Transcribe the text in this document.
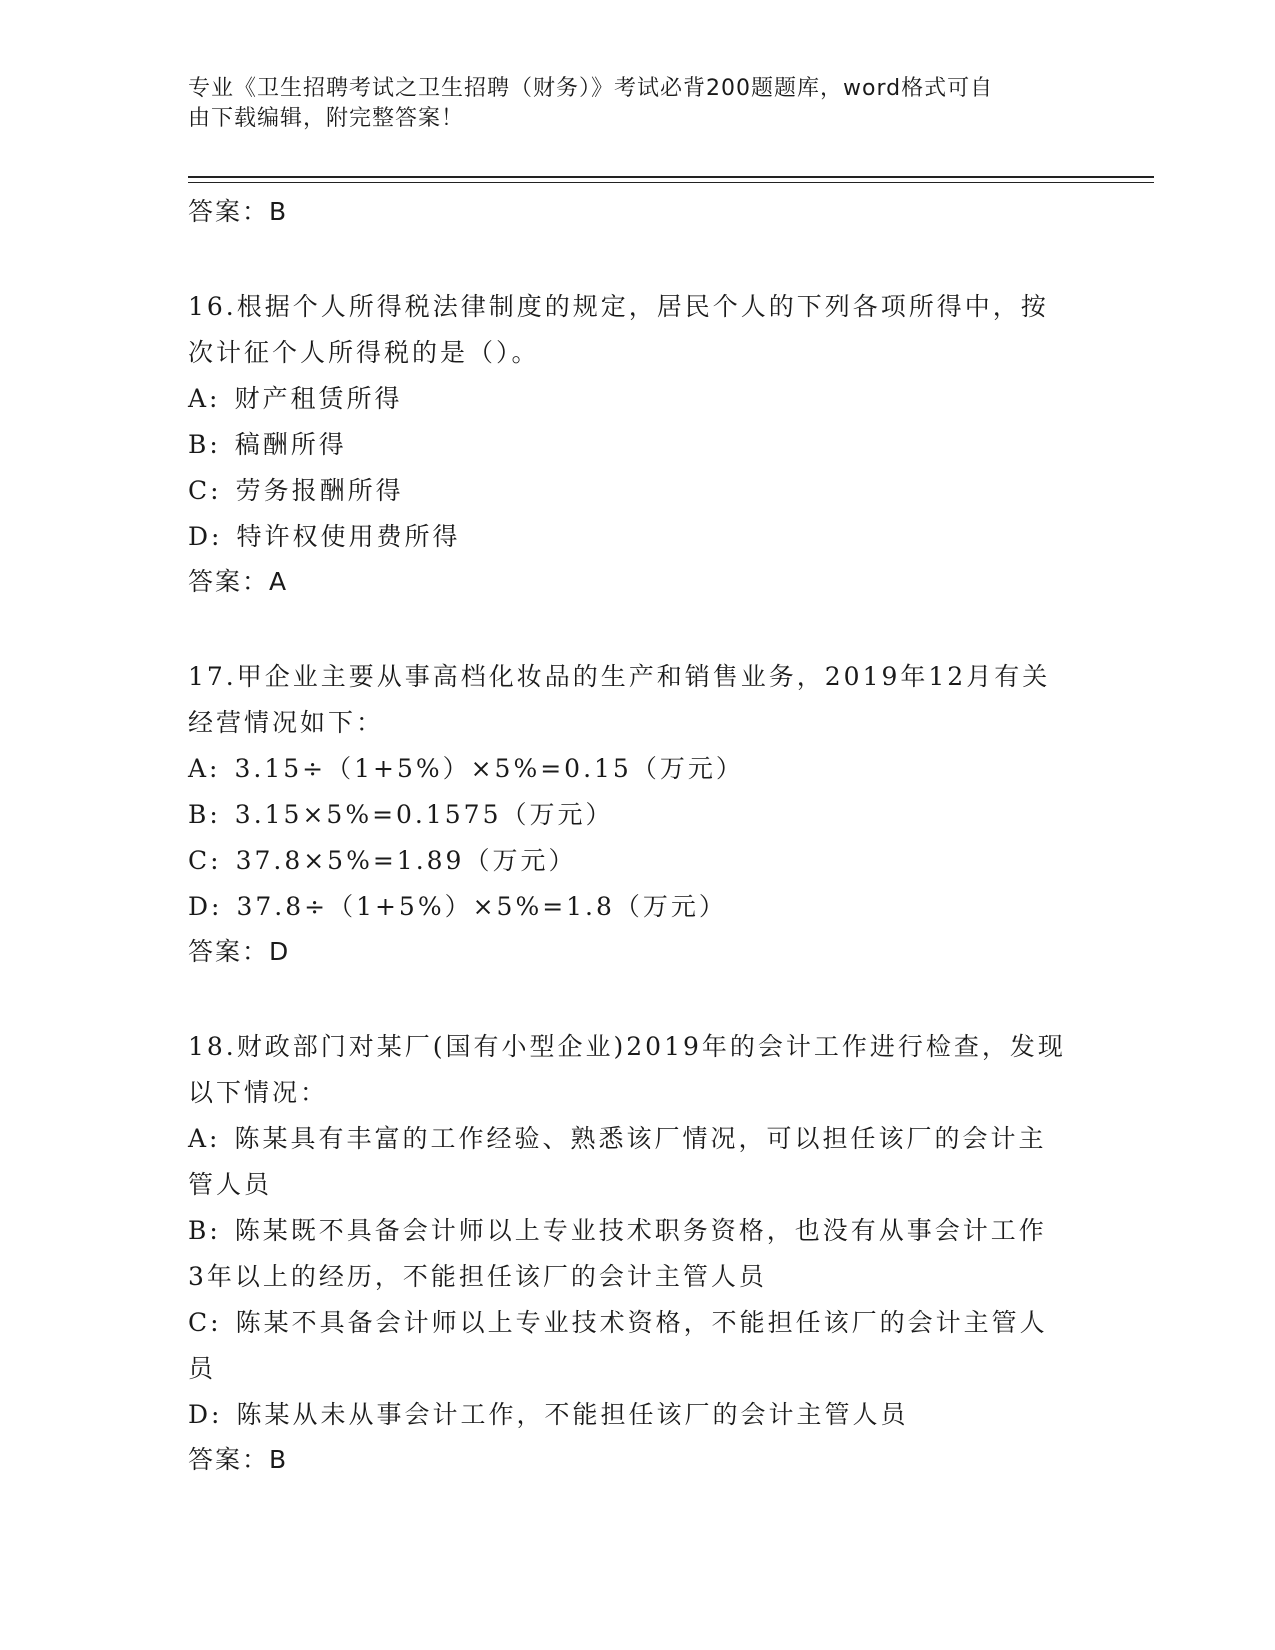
专业《卫生招聘考试之卫生招聘（财务）》考试必背200题题库，word格式可自
由下载编辑，附完整答案！
答案：B
16.根据个人所得税法律制度的规定，居民个人的下列各项所得中，按
次计征个人所得税的是（）。
A: 财产租赁所得
B: 稿酬所得
C: 劳务报酬所得
D: 特许权使用费所得
答案：A
17.甲企业主要从事高档化妆品的生产和销售业务，2019年12月有关
经营情况如下：
A: 3.15÷（1+5%）×5%=0.15（万元）
B: 3.15×5%=0.1575（万元）
C: 37.8×5%=1.89（万元）
D: 37.8÷（1+5%）×5%=1.8（万元）
答案：D
18.财政部门对某厂(国有小型企业)2019年的会计工作进行检查，发现
以下情况：
A: 陈某具有丰富的工作经验、熟悉该厂情况，可以担任该厂的会计主
管人员
B: 陈某既不具备会计师以上专业技术职务资格，也没有从事会计工作
3年以上的经历，不能担任该厂的会计主管人员
C: 陈某不具备会计师以上专业技术资格，不能担任该厂的会计主管人
员
D: 陈某从未从事会计工作，不能担任该厂的会计主管人员
答案：B
